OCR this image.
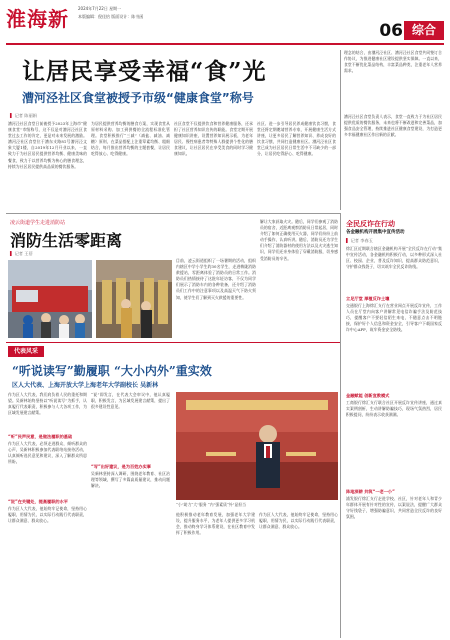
淮海新 2024年7月22日 星期一
本版编辑：倪佳怡 版面设计：陈书函
06 综合
让居民享受幸福“食”光
漕河泾社区食堂被授予市级“健康食堂”称号
▌ 记者 陈丽娟
漕河泾社区食堂日前被授予2023年上海市“健康食堂”市级称号，这不仅是对漕河泾社区食堂过去工作的肯定，更是对未来发展的激励。漕河泾社区食堂位于漕东支路81号漕河泾文象大厦1楼，自2019年12月开业以来，一直致力于为社区居民提供营养均衡、健康美味的餐食，致力于以营养均衡为核心的膳食理念，持续为社区居民提供高品质的餐饮服务。
为居民提供营养均衡的膳食方案，实现食堂从原材料采购、加工到供餐的全流程标准化管理。食堂积极推行“三减”（减盐、减油、减糖）原则，在菜品搭配上注重荤素均衡、粗细结合，每月推出营养均衡的主题套餐，让居民吃得放心、吃得健康。
社区食堂不仅提供饮食和营养健康服务，还承担了社区营养知识宣传的职能。食堂定期开展健康知识讲座，设置营养知识展示板，为老年居民、慢性病患者等特殊人群提供个性化的膳食建议，让社区居民在享受美食的同时学习健康知识。
社区、进一步引导居民养成健康饮食习惯，食堂还将定期邀请营养专家，开展健康生活方式讲座，让更多居民了解营养知识、养成良好的饮食习惯，共同打造健康社区。漕河泾社区食堂已成为社区居民日常生活中不可缺少的一部分，让居民吃得舒心、吃得健康。
理念的结合，由漕河泾社区、漕河泾社区食堂共同签订合作协议，为推进健康社区建设提供坚实保障。一直以来，食堂不断优化菜品结构，丰富菜品种类，注重老年人营养需求。
漕河泾社区食堂负责人表示，食堂一直致力于为社区居民提供优质的餐饮服务，未来也将不断改进和完善菜品，加强食品安全管理，持续推进社区健康食堂建设，为打造更多幸福健康社区作出新的贡献。
凌云街道学生走进消防站
消防生活零距离
▌ 记者 王蓓
目前，凌云街道组织了一场暑期的活动，组织内辖区中学小学生约30名学生，走进梅陇消防救援站，零距离体验了消防员的日常工作。消防员们热情接待了这批年轻访客，不仅为同学们展示了消防车内的各种装备，还介绍了消防员们工作中的注意事项以及高温天气下防火须知，使学生们了解到灭火救援的重要性。
解让大家获取火灾。随后，同学们参观了消防员的宿舍，近距离观察消防员日常起居，同时介绍了如何正确使用灭火器，同学们纷纷上前动手操作，认真听讲。随后，消防员还为学生们介绍了消防器材的使用方法以及火灾逃生知识，同学们还亲身体验了穿戴消防服，切身感受消防员的辛苦。
全民反诈在行动
各金融机构开展集中宣传活动
▌ 记者 李春玉
徐汇区近期联合辖区金融机构开展“全民反诈在行动”集中宣传活动，各金融机构积极行动，以多种形式深入社区、校园、企业，普及反诈知识，提高群众防范意识，守护群众钱袋子，切实筑牢全民反诈防线。
立足厅堂 厚植反诈土壤
交通银行上海徐汇支行在营业网点开展反诈宣传，工作人员在厅堂内向客户讲解常见电信诈骗手法及防范技巧，提醒客户不要轻信陌生来电，不随意点击不明链接，保护好个人信息和资金安全，引导客户下载国家反诈中心APP，筑牢资金安全防线。
金融赋能 创新宣教模式
工商银行徐汇支行联合社区开展反诈宣传讲座，通过真实案例剖析，生动讲解防骗技巧，现场气氛热烈，居民积极提问，纷纷表示收获满满。
阵地深耕 共筑“一老一小”
浦发银行徐汇支行走进学校、社区，针对老年人和青少年群体开展有针对性的宣传，以案说法，提醒广大群众守好钱袋子，增强防骗意识，共同营造全民反诈的良好氛围。
代表风采
“听说读写”勤履职 “大小内外”重实效
区人大代表、上海开放大学上海老年大学副校长 吴新林
作为区人大代表，我们肩负着人民的重托和期望。吴新林始终坚持以“听说读写”为抓手，认真履行代表职责，积极参与人大各项工作，为区域发展建言献策。
“听”民声民意，是做法履职的基础
作为区人大代表，必须走进群众，倾听群众的心声，吴新林积极参加代表联络站接待活动，认真倾听选民意见和建议，深入了解群众所思所盼。
“说”在关键处，提高履职的水平
作为区人大代表，他始终牢记使命，坚持用心履职，用情为民，以实际行动践行代表职责，让群众满意、群众放心。
“说”即发言，在代表大会审议中，他认真履职，积极发言，为区域发展建言献策，提出了很多建设性意见。
“写”出好建议，是为百姓办实事
吴新林坚持深入调研，围绕老年教育、社区治理等领域，撰写了多篇高质量建议，推动问题解决。
“小”助力“大”服务 “内”强素质“外”显担当
他积极推动老年教育发展，加强老年大学建设，提升服务水平，为老年人提供更多学习机会，推动终身学习体系建设，在社区教育中发挥了积极作用。
作为区人大代表，他始终牢记使命，坚持用心履职，用情为民，以实际行动践行代表职责，让群众满意、群众放心。
